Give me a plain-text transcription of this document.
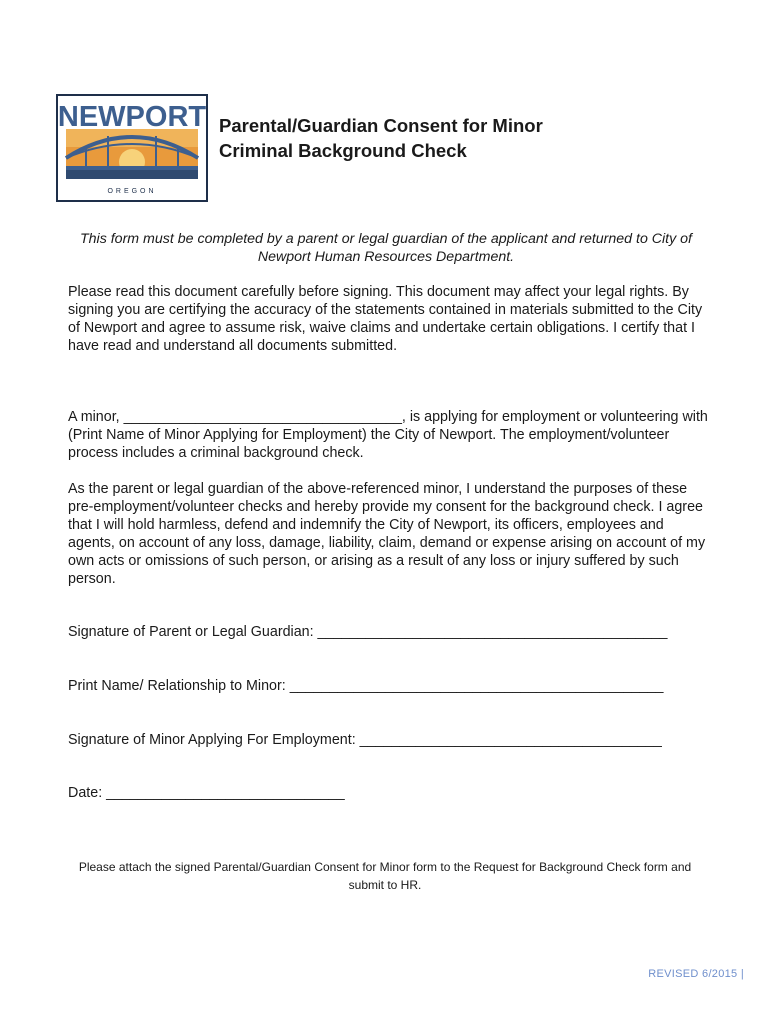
NEWPORT
OREGON
Parental/Guardian Consent for Minor
Criminal Background Check
This form must be completed by a parent or legal guardian of the applicant and returned to City of Newport Human Resources Department.
Please read this document carefully before signing. This document may affect your legal rights. By signing you are certifying the accuracy of the statements contained in materials submitted to the City of Newport and agree to assume risk, waive claims and undertake certain obligations. I certify that I have read and understand all documents submitted.
A minor, ___________________________________, is applying for employment or volunteering with (Print Name of Minor Applying for Employment) the City of Newport. The employment/volunteer process includes a criminal background check.
As the parent or legal guardian of the above-referenced minor, I understand the purposes of these pre-employment/volunteer checks and hereby provide my consent for the background check. I agree that I will hold harmless, defend and indemnify the City of Newport, its officers, employees and agents, on account of any loss, damage, liability, claim, demand or expense arising on account of my own acts or omissions of such person, or arising as a result of any loss or injury suffered by such person.
Signature of Parent or Legal Guardian: ____________________________________________
Print Name/ Relationship to Minor: _______________________________________________
Signature of Minor Applying For Employment: ______________________________________
Date: ______________________________
Please attach the signed Parental/Guardian Consent for Minor form to the Request for Background Check form and submit to HR.
REVISED 6/2015 |
